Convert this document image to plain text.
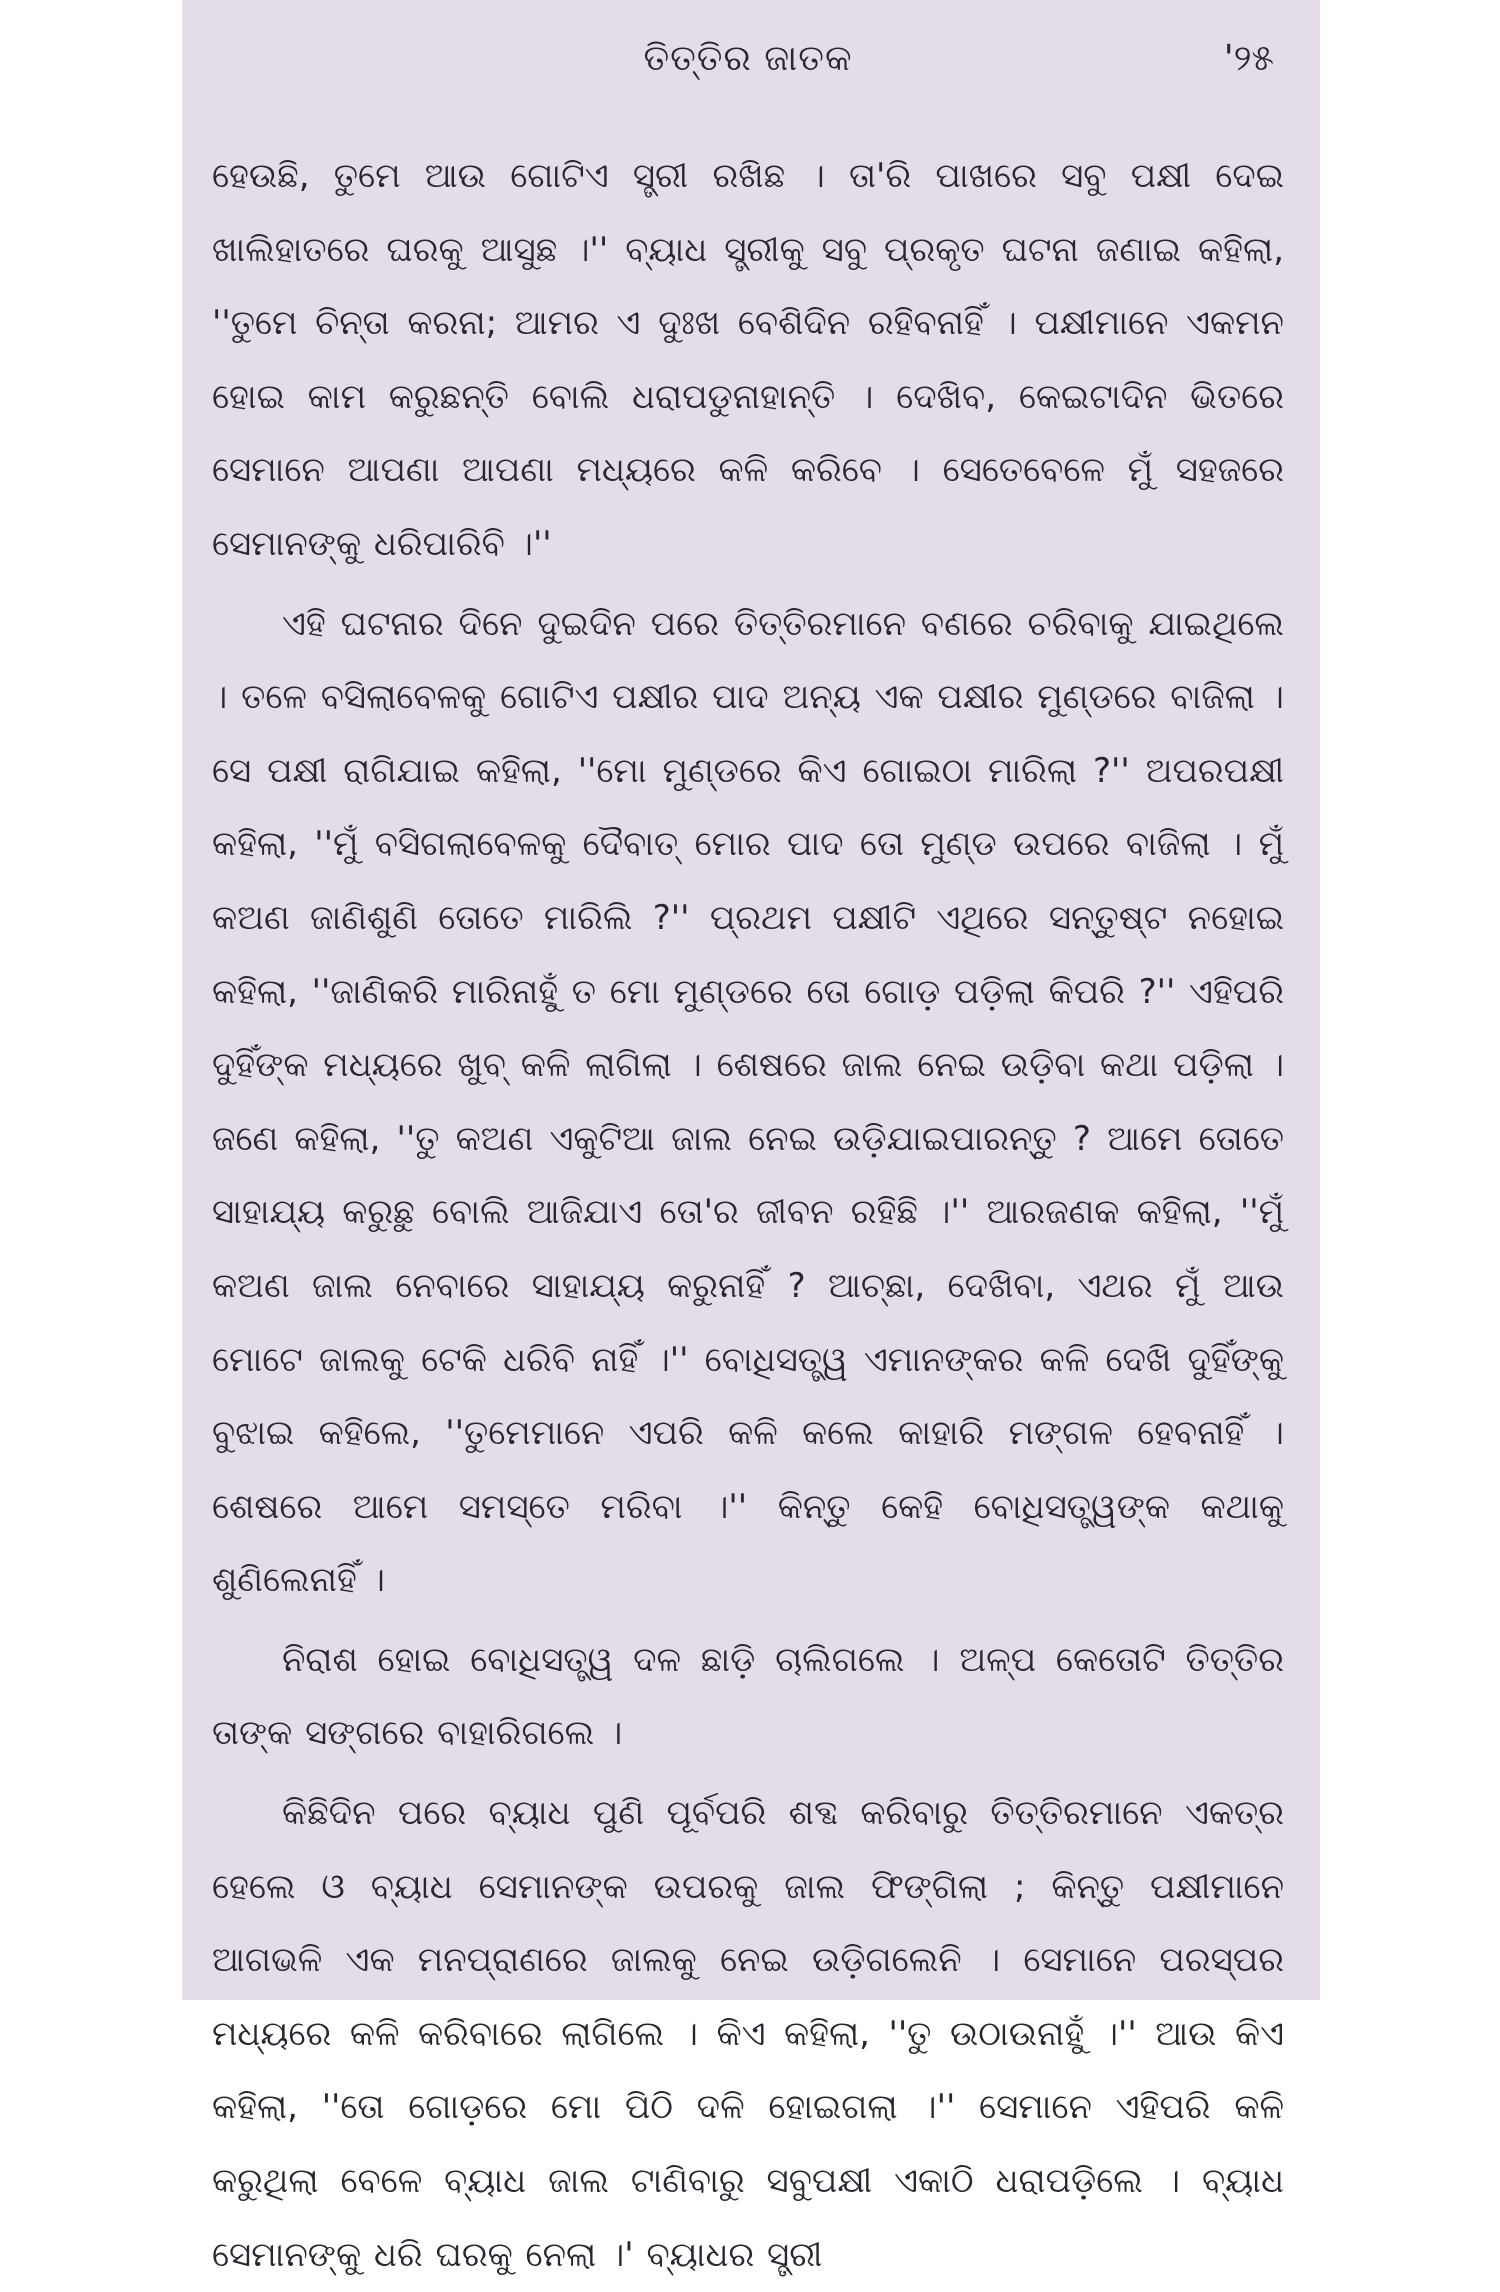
ତିତ୍ତିର ଜାତକ	'୨୫

ହେଉଛି, ତୁମେ ଆଉ ଗୋଟିଏ ସ୍ତ୍ରୀ ରଖିଛ । ତା'ରି ପାଖରେ ସବୁ ପକ୍ଷୀ ଦେଇ ଖାଲିହାତରେ ଘରକୁ ଆସୁଛ ।'' ବ୍ୟାଧ ସ୍ତ୍ରୀକୁ ସବୁ ପ୍ରକୃତ ଘଟନା ଜଣାଇ କହିଲା, ''ତୁମେ ଚିନ୍ତା କରନା; ଆମର ଏ ଦୁଃଖ ବେଶିଦିନ ରହିବନାହିଁ । ପକ୍ଷୀମାନେ ଏକମନ ହୋଇ କାମ କରୁଛନ୍ତି ବୋଲି ଧରାପଡୁନାହାନ୍ତି । ଦେଖିବ, କେଇଟାଦିନ ଭିତରେ ସେମାନେ ଆପଣା ଆପଣା ମଧ୍ୟରେ କଳି କରିବେ । ସେତେବେଳେ ମୁଁ ସହଜରେ ସେମାନଙ୍କୁ ଧରିପାରିବି ।''

ଏହି ଘଟନାର ଦିନେ ଦୁଇଦିନ ପରେ ତିତ୍ତିରମାନେ ବଣରେ ଚରିବାକୁ ଯାଇଥିଲେ । ତଳେ ବସିଲାବେଳକୁ ଗୋଟିଏ ପକ୍ଷୀର ପାଦ ଅନ୍ୟ ଏକ ପକ୍ଷୀର ମୁଣ୍ଡରେ ବାଜିଲା । ସେ ପକ୍ଷୀ ରାଗିଯାଇ କହିଲା, ''ମୋ ମୁଣ୍ଡରେ କିଏ ଗୋଇଠା ମାରିଲା ?'' ଅପରପକ୍ଷୀ କହିଲା, ''ମୁଁ ବସିଗଲାବେଳକୁ ଦୈବାତ୍ ମୋର ପାଦ ତୋ ମୁଣ୍ଡ ଉପରେ ବାଜିଲା । ମୁଁ କଅଣ ଜାଣିଶୁଣି ତୋତେ ମାରିଲି ?'' ପ୍ରଥମ ପକ୍ଷୀଟି ଏଥିରେ ସନ୍ତୁଷ୍ଟ ନହୋଇ କହିଲା, ''ଜାଣିକରି ମାରିନାହୁଁ ତ ମୋ ମୁଣ୍ଡରେ ତୋ ଗୋଡ଼ ପଡ଼ିଲା କିପରି ?'' ଏହିପରି ଦୁହିଁଙ୍କ ମଧ୍ୟରେ ଖୁବ୍ କଳି ଲାଗିଲା । ଶେଷରେ ଜାଲ ନେଇ ଉଡ଼ିବା କଥା ପଡ଼ିଲା । ଜଣେ କହିଲା, ''ତୁ କଅଣ ଏକୁଟିଆ ଜାଲ ନେଇ ଉଡ଼ିଯାଇପାରନ୍ତୁ ? ଆମେ ତୋତେ ସାହାଯ୍ୟ କରୁଛୁ ବୋଲି ଆଜିଯାଏ ତୋ'ର ଜୀବନ ରହିଛି ।'' ଆରଜଣକ କହିଲା, ''ମୁଁ କଅଣ ଜାଲ ନେବାରେ ସାହାଯ୍ୟ କରୁନାହିଁ ? ଆଚ୍ଛା, ଦେଖିବା, ଏଥର ମୁଁ ଆଉ ମୋଟେ ଜାଲକୁ ଟେକି ଧରିବି ନାହିଁ ।'' ବୋଧିସତ୍ତ୍ୱ ଏମାନଙ୍କର କଳି ଦେଖି ଦୁହିଁଙ୍କୁ ବୁଝାଇ କହିଲେ, ''ତୁମେମାନେ ଏପରି କଳି କଲେ କାହାରି ମଙ୍ଗଳ ହେବନାହିଁ । ଶେଷରେ ଆମେ ସମସ୍ତେ ମରିବା ।'' କିନ୍ତୁ କେହି ବୋଧିସତ୍ତ୍ୱଙ୍କ କଥାକୁ ଶୁଣିଲେନାହିଁ ।

ନିରାଶ ହୋଇ ବୋଧିସତ୍ତ୍ୱ ଦଳ ଛାଡ଼ି ଚାଲିଗଲେ । ଅଳ୍ପ କେତୋଟି ତିତ୍ତିର ତାଙ୍କ ସଙ୍ଗରେ ବାହାରିଗଲେ ।

କିଛିଦିନ ପରେ ବ୍ୟାଧ ପୁଣି ପୂର୍ବପରି ଶବ୍ଦ କରିବାରୁ ତିତ୍ତିରମାନେ ଏକତ୍ର ହେଲେ ଓ ବ୍ୟାଧ ସେମାନଙ୍କ ଉପରକୁ ଜାଲ ଫିଙ୍ଗିଲା ; କିନ୍ତୁ ପକ୍ଷୀମାନେ ଆଗଭଳି ଏକ ମନପ୍ରାଣରେ ଜାଲକୁ ନେଇ ଉଡ଼ିଗଲେନି । ସେମାନେ ପରସ୍ପର ମଧ୍ୟରେ କଳି କରିବାରେ ଲାଗିଲେ । କିଏ କହିଲା, ''ତୁ ଉଠାଉନାହୁଁ ।'' ଆଉ କିଏ କହିଲା, ''ତୋ ଗୋଡ଼ରେ ମୋ ପିଠି ଦଳି ହୋଇଗଲା ।'' ସେମାନେ ଏହିପରି କଳି କରୁଥିଲା ବେଳେ ବ୍ୟାଧ ଜାଲ ଟାଣିବାରୁ ସବୁପକ୍ଷୀ ଏକାଠି ଧରାପଡ଼ିଲେ । ବ୍ୟାଧ ସେମାନଙ୍କୁ ଧରି ଘରକୁ ନେଲା ।' ବ୍ୟାଧର ସ୍ତ୍ରୀ
